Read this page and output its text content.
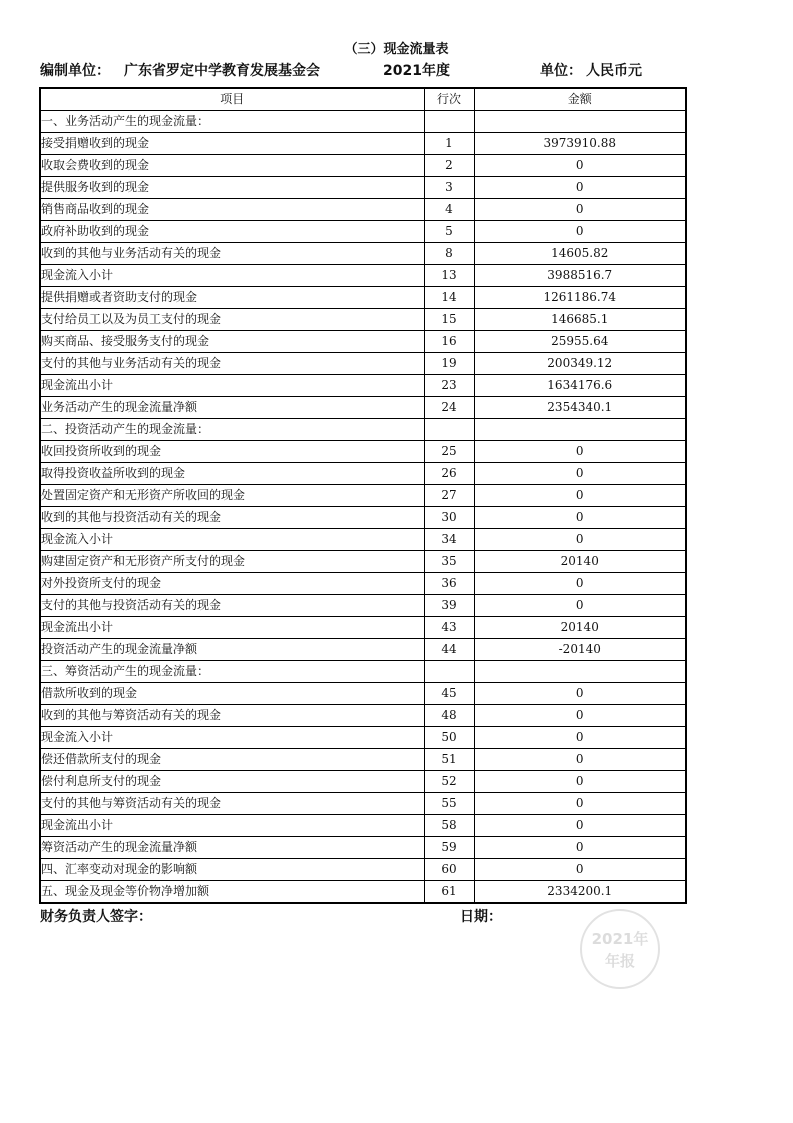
（三）现金流量表
编制单位： 广东省罗定中学教育发展基金会	2021年度	单位： 人民币元
项目	行次	金额
一、业务活动产生的现金流量：		
接受捐赠收到的现金	1	3973910.88
收取会费收到的现金	2	0
提供服务收到的现金	3	0
销售商品收到的现金	4	0
政府补助收到的现金	5	0
收到的其他与业务活动有关的现金	8	14605.82
现金流入小计	13	3988516.7
提供捐赠或者资助支付的现金	14	1261186.74
支付给员工以及为员工支付的现金	15	146685.1
购买商品、接受服务支付的现金	16	25955.64
支付的其他与业务活动有关的现金	19	200349.12
现金流出小计	23	1634176.6
业务活动产生的现金流量净额	24	2354340.1
二、投资活动产生的现金流量：		
收回投资所收到的现金	25	0
取得投资收益所收到的现金	26	0
处置固定资产和无形资产所收回的现金	27	0
收到的其他与投资活动有关的现金	30	0
现金流入小计	34	0
购建固定资产和无形资产所支付的现金	35	20140
对外投资所支付的现金	36	0
支付的其他与投资活动有关的现金	39	0
现金流出小计	43	20140
投资活动产生的现金流量净额	44	-20140
三、筹资活动产生的现金流量：		
借款所收到的现金	45	0
收到的其他与筹资活动有关的现金	48	0
现金流入小计	50	0
偿还借款所支付的现金	51	0
偿付利息所支付的现金	52	0
支付的其他与筹资活动有关的现金	55	0
现金流出小计	58	0
筹资活动产生的现金流量净额	59	0
四、汇率变动对现金的影响额	60	0
五、现金及现金等价物净增加额	61	2334200.1
财务负责人签字：	日期：
2021年
年报
